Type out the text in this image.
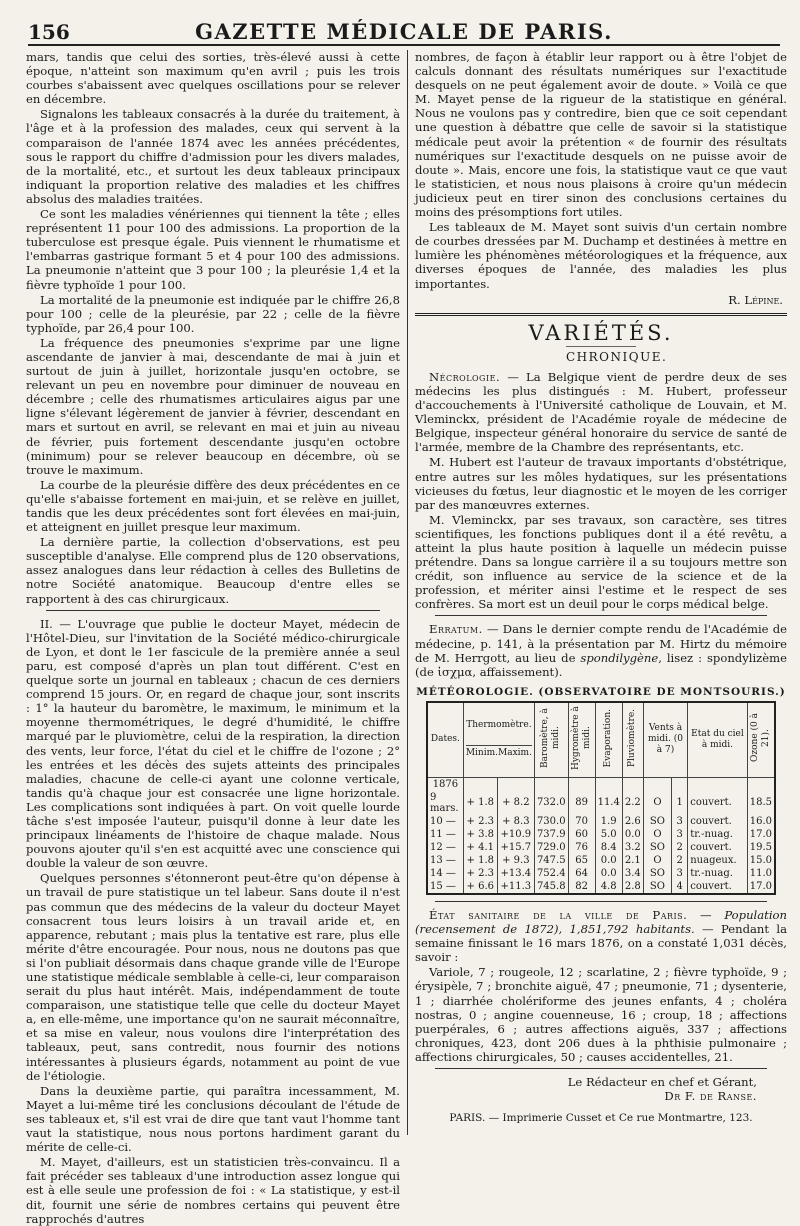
156	GAZETTE MÉDICALE DE PARIS.

mars, tandis que celui des sorties, très-élevé aussi à cette époque, n'atteint son maximum qu'en avril ; puis les trois courbes s'abaissent avec quelques oscillations pour se relever en décembre.

Signalons les tableaux consacrés à la durée du traitement, à l'âge et à la profession des malades, ceux qui servent à la comparaison de l'année 1874 avec les années précédentes, sous le rapport du chiffre d'admission pour les divers malades, de la mortalité, etc., et surtout les deux tableaux principaux indiquant la proportion relative des maladies et les chiffres absolus des maladies traitées.

Ce sont les maladies vénériennes qui tiennent la tête ; elles représentent 11 pour 100 des admissions. La proportion de la tuberculose est presque égale. Puis viennent le rhumatisme et l'embarras gastrique formant 5 et 4 pour 100 des admissions. La pneumonie n'atteint que 3 pour 100 ; la pleurésie 1,4 et la fièvre typhoïde 1 pour 100.

La mortalité de la pneumonie est indiquée par le chiffre 26,8 pour 100 ; celle de la pleurésie, par 22 ; celle de la fièvre typhoïde, par 26,4 pour 100.

La fréquence des pneumonies s'exprime par une ligne ascendante de janvier à mai, descendante de mai à juin et surtout de juin à juillet, horizontale jusqu'en octobre, se relevant un peu en novembre pour diminuer de nouveau en décembre ; celle des rhumatismes articulaires aigus par une ligne s'élevant légèrement de janvier à février, descendant en mars et surtout en avril, se relevant en mai et juin au niveau de février, puis fortement descendante jusqu'en octobre (minimum) pour se relever beaucoup en décembre, où se trouve le maximum.

La courbe de la pleurésie diffère des deux précédentes en ce qu'elle s'abaisse fortement en mai-juin, et se relève en juillet, tandis que les deux précédentes sont fort élevées en mai-juin, et atteignent en juillet presque leur maximum.

La dernière partie, la collection d'observations, est peu susceptible d'analyse. Elle comprend plus de 120 observations, assez analogues dans leur rédaction à celles des Bulletins de notre Société anatomique. Beaucoup d'entre elles se rapportent à des cas chirurgicaux.

II. — L'ouvrage que publie le docteur Mayet, médecin de l'Hôtel-Dieu, sur l'invitation de la Société médico-chirurgicale de Lyon, et dont le 1er fascicule de la première année a seul paru, est composé d'après un plan tout différent. C'est en quelque sorte un journal en tableaux ; chacun de ces derniers comprend 15 jours. Or, en regard de chaque jour, sont inscrits : 1° la hauteur du baromètre, le maximum, le minimum et la moyenne thermométriques, le degré d'humidité, le chiffre marqué par le pluviomètre, celui de la respiration, la direction des vents, leur force, l'état du ciel et le chiffre de l'ozone ; 2° les entrées et les décès des sujets atteints des principales maladies, chacune de celle-ci ayant une colonne verticale, tandis qu'à chaque jour est consacrée une ligne horizontale. Les complications sont indiquées à part. On voit quelle lourde tâche s'est imposée l'auteur, puisqu'il donne à leur date les principaux linéaments de l'histoire de chaque malade. Nous pouvons ajouter qu'il s'en est acquitté avec une conscience qui double la valeur de son œuvre.

Quelques personnes s'étonneront peut-être qu'on dépense à un travail de pure statistique un tel labeur. Sans doute il n'est pas commun que des médecins de la valeur du docteur Mayet consacrent tous leurs loisirs à un travail aride et, en apparence, rebutant ; mais plus la tentative est rare, plus elle mérite d'être encouragée. Pour nous, nous ne doutons pas que si l'on publiait désormais dans chaque grande ville de l'Europe une statistique médicale semblable à celle-ci, leur comparaison serait du plus haut intérêt. Mais, indépendamment de toute comparaison, une statistique telle que celle du docteur Mayet a, en elle-même, une importance qu'on ne saurait méconnaître, et sa mise en valeur, nous voulons dire l'interprétation des tableaux, peut, sans contredit, nous fournir des notions intéressantes à plusieurs égards, notamment au point de vue de l'étiologie.

Dans la deuxième partie, qui paraîtra incessamment, M. Mayet a lui-même tiré les conclusions découlant de l'étude de ses tableaux et, s'il est vrai de dire que tant vaut l'homme tant vaut la statistique, nous nous portons hardiment garant du mérite de celle-ci.

M. Mayet, d'ailleurs, est un statisticien très-convaincu. Il a fait précéder ses tableaux d'une introduction assez longue qui est à elle seule une profession de foi : « La statistique, y est-il dit, fournit une série de nombres certains qui peuvent être rapprochés d'autres

nombres, de façon à établir leur rapport ou à être l'objet de calculs donnant des résultats numériques sur l'exactitude desquels on ne peut également avoir de doute. » Voilà ce que M. Mayet pense de la rigueur de la statistique en général. Nous ne voulons pas y contredire, bien que ce soit cependant une question à débattre que celle de savoir si la statistique médicale peut avoir la prétention « de fournir des résultats numériques sur l'exactitude desquels on ne puisse avoir de doute ». Mais, encore une fois, la statistique vaut ce que vaut le statisticien, et nous nous plaisons à croire qu'un médecin judicieux peut en tirer sinon des conclusions certaines du moins des présomptions fort utiles.

Les tableaux de M. Mayet sont suivis d'un certain nombre de courbes dressées par M. Duchamp et destinées à mettre en lumière les phénomènes météorologiques et la fréquence, aux diverses époques de l'année, des maladies les plus importantes.

R. Lépine.
VARIÉTÉS.
CHRONIQUE.

Nécrologie. — La Belgique vient de perdre deux de ses médecins les plus distingués : M. Hubert, professeur d'accouchements à l'Université catholique de Louvain, et M. Vleminckx, président de l'Académie royale de médecine de Belgique, inspecteur général honoraire du service de santé de l'armée, membre de la Chambre des représentants, etc.

M. Hubert est l'auteur de travaux importants d'obstétrique, entre autres sur les môles hydatiques, sur les présentations vicieuses du fœtus, leur diagnostic et le moyen de les corriger par des manœuvres externes.

M. Vleminckx, par ses travaux, son caractère, ses titres scientifiques, les fonctions publiques dont il a été revêtu, a atteint la plus haute position à laquelle un médecin puisse prétendre. Dans sa longue carrière il a su toujours mettre son crédit, son influence au service de la science et de la profession, et mériter ainsi l'estime et le respect de ses confrères. Sa mort est un deuil pour le corps médical belge.

Erratum. — Dans le dernier compte rendu de l'Académie de médecine, p. 141, à la présentation par M. Hirtz du mémoire de M. Herrgott, au lieu de spondilygène, lisez : spondylizème (de ἰσχμα, affaissement).

MÉTÉOROLOGIE. (OBSERVATOIRE DE MONTSOURIS.)
Dates.	Thermomètre.
Minim. Maxim.		Baromètre, à midi.	Hygromètre à midi.	Evaporation.	Pluviomètre.	Vents à midi. (0 à 7)		Etat du ciel à midi.	Ozone (0 à 21).
1876										
9 mars.	+ 1.8	+ 8.2	732.0	89	11.4	2.2	O	1	couvert.	18.5
10 —	+ 2.3	+ 8.3	730.0	70	1.9	2.6	SO	3	couvert.	16.0
11 —	+ 3.8	+10.9	737.9	60	5.0	0.0	O	3	tr.-nuag.	17.0
12 —	+ 4.1	+15.7	729.0	76	8.4	3.2	SO	2	couvert.	19.5
13 —	+ 1.8	+ 9.3	747.5	65	0.0	2.1	O	2	nuageux.	15.0
14 —	+ 2.3	+13.4	752.4	64	0.0	3.4	SO	3	tr.-nuag.	11.0
15 —	+ 6.6	+11.3	745.8	82	4.8	2.8	SO	4	couvert.	17.0

État sanitaire de la ville de Paris. — Population (recensement de 1872), 1,851,792 habitants. — Pendant la semaine finissant le 16 mars 1876, on a constaté 1,031 décès, savoir :

Variole, 7 ; rougeole, 12 ; scarlatine, 2 ; fièvre typhoïde, 9 ; érysipèle, 7 ; bronchite aiguë, 47 ; pneumonie, 71 ; dysenterie, 1 ; diarrhée cholériforme des jeunes enfants, 4 ; choléra nostras, 0 ; angine couenneuse, 16 ; croup, 18 ; affections puerpérales, 6 ; autres affections aiguës, 337 ; affections chroniques, 423, dont 206 dues à la phthisie pulmonaire ; affections chirurgicales, 50 ; causes accidentelles, 21.

Le Rédacteur en chef et Gérant,
Dr F. de Ranse.
PARIS. — Imprimerie Cusset et Ce rue Montmartre, 123.
